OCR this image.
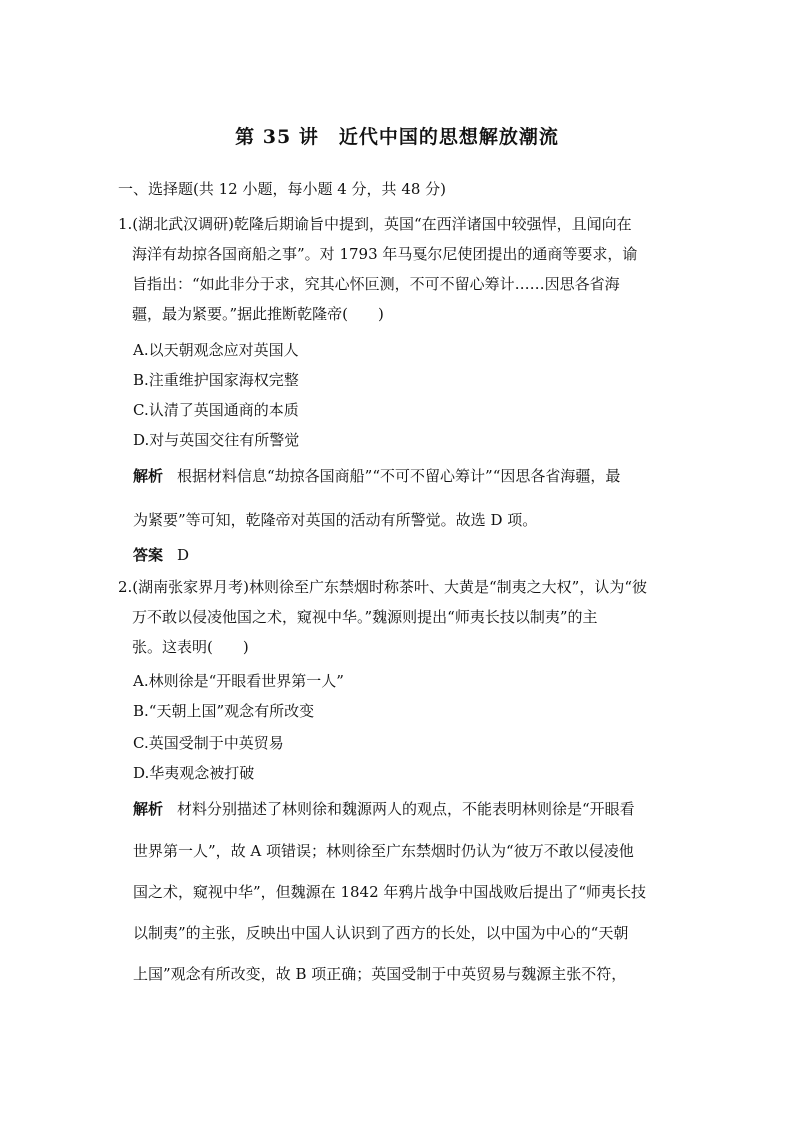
第 35 讲　近代中国的思想解放潮流
一、选择题(共 12 小题，每小题 4 分，共 48 分)
1.(湖北武汉调研)乾隆后期谕旨中提到，英国“在西洋诸国中较强悍，且闻向在
海洋有劫掠各国商船之事”。对 1793 年马戛尔尼使团提出的通商等要求，谕
旨指出：“如此非分于求，究其心怀叵测，不可不留心筹计……因思各省海
疆，最为紧要。”据此推断乾隆帝(　　)
A.以天朝观念应对英国人
B.注重维护国家海权完整
C.认清了英国通商的本质
D.对与英国交往有所警觉
解析 根据材料信息“劫掠各国商船”“不可不留心筹计”“因思各省海疆，最
为紧要”等可知，乾隆帝对英国的活动有所警觉。故选 D 项。
答案 D
2.(湖南张家界月考)林则徐至广东禁烟时称茶叶、大黄是“制夷之大权”，认为“彼
万不敢以侵凌他国之术，窥视中华。”魏源则提出“师夷长技以制夷”的主
张。这表明(　　)
A.林则徐是“开眼看世界第一人”
B.“天朝上国”观念有所改变
C.英国受制于中英贸易
D.华夷观念被打破
解析 材料分别描述了林则徐和魏源两人的观点，不能表明林则徐是“开眼看
世界第一人”，故 A 项错误；林则徐至广东禁烟时仍认为“彼万不敢以侵凌他
国之术，窥视中华”，但魏源在 1842 年鸦片战争中国战败后提出了“师夷长技
以制夷”的主张，反映出中国人认识到了西方的长处，以中国为中心的“天朝
上国”观念有所改变，故 B 项正确；英国受制于中英贸易与魏源主张不符，
